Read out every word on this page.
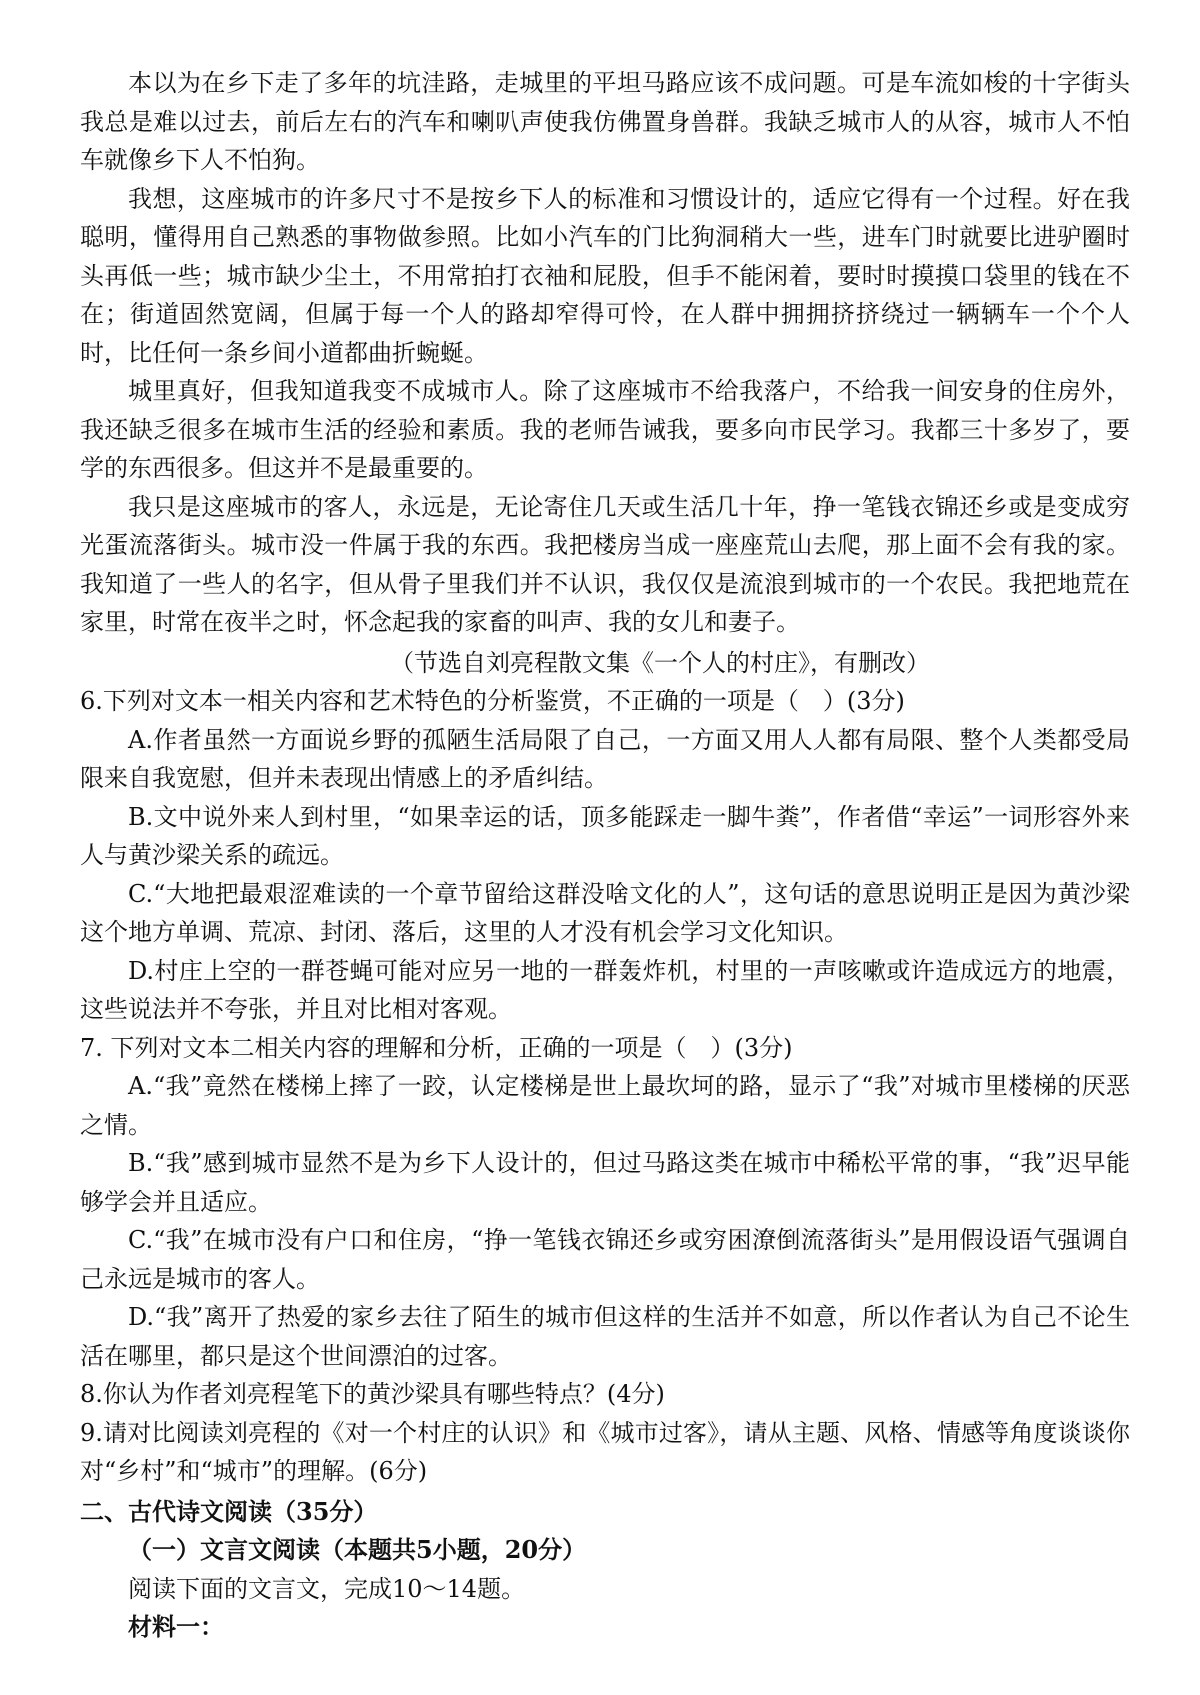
本以为在乡下走了多年的坑洼路，走城里的平坦马路应该不成问题。可是车流如梭的十字街头我总是难以过去，前后左右的汽车和喇叭声使我仿佛置身兽群。我缺乏城市人的从容，城市人不怕车就像乡下人不怕狗。

我想，这座城市的许多尺寸不是按乡下人的标准和习惯设计的，适应它得有一个过程。好在我聪明，懂得用自己熟悉的事物做参照。比如小汽车的门比狗洞稍大一些，进车门时就要比进驴圈时头再低一些；城市缺少尘土，不用常拍打衣袖和屁股，但手不能闲着，要时时摸摸口袋里的钱在不在；街道固然宽阔，但属于每一个人的路却窄得可怜，在人群中拥拥挤挤绕过一辆辆车一个个人时，比任何一条乡间小道都曲折蜿蜒。

城里真好，但我知道我变不成城市人。除了这座城市不给我落户，不给我一间安身的住房外，我还缺乏很多在城市生活的经验和素质。我的老师告诫我，要多向市民学习。我都三十多岁了，要学的东西很多。但这并不是最重要的。

我只是这座城市的客人，永远是，无论寄住几天或生活几十年，挣一笔钱衣锦还乡或是变成穷光蛋流落街头。城市没一件属于我的东西。我把楼房当成一座座荒山去爬，那上面不会有我的家。我知道了一些人的名字，但从骨子里我们并不认识，我仅仅是流浪到城市的一个农民。我把地荒在家里，时常在夜半之时，怀念起我的家畜的叫声、我的女儿和妻子。

（节选自刘亮程散文集《一个人的村庄》，有删改）

6.下列对文本一相关内容和艺术特色的分析鉴赏，不正确的一项是（　）(3分)

A.作者虽然一方面说乡野的孤陋生活局限了自己，一方面又用人人都有局限、整个人类都受局限来自我宽慰，但并未表现出情感上的矛盾纠结。

B.文中说外来人到村里，“如果幸运的话，顶多能踩走一脚牛粪”，作者借“幸运”一词形容外来人与黄沙梁关系的疏远。

C.“大地把最艰涩难读的一个章节留给这群没啥文化的人”，这句话的意思说明正是因为黄沙梁这个地方单调、荒凉、封闭、落后，这里的人才没有机会学习文化知识。

D.村庄上空的一群苍蝇可能对应另一地的一群轰炸机，村里的一声咳嗽或许造成远方的地震，这些说法并不夸张，并且对比相对客观。

7. 下列对文本二相关内容的理解和分析，正确的一项是（　）(3分)

A.“我”竟然在楼梯上摔了一跤，认定楼梯是世上最坎坷的路，显示了“我”对城市里楼梯的厌恶之情。

B.“我”感到城市显然不是为乡下人设计的，但过马路这类在城市中稀松平常的事，“我”迟早能够学会并且适应。

C.“我”在城市没有户口和住房，“挣一笔钱衣锦还乡或穷困潦倒流落街头”是用假设语气强调自己永远是城市的客人。

D.“我”离开了热爱的家乡去往了陌生的城市但这样的生活并不如意，所以作者认为自己不论生活在哪里，都只是这个世间漂泊的过客。

8.你认为作者刘亮程笔下的黄沙梁具有哪些特点？(4分)

9.请对比阅读刘亮程的《对一个村庄的认识》和《城市过客》，请从主题、风格、情感等角度谈谈你对“乡村”和“城市”的理解。(6分)

二、古代诗文阅读（35分）

（一）文言文阅读（本题共5小题，20分）

阅读下面的文言文，完成10～14题。

材料一：
